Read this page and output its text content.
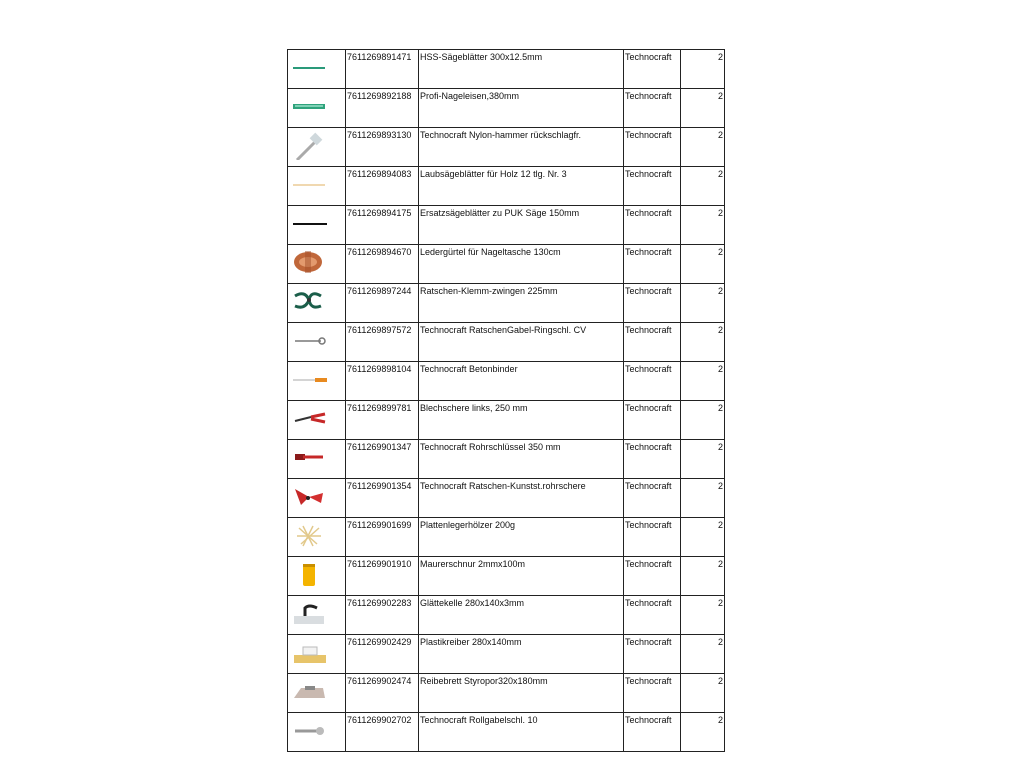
	7611269891471	HSS-Sägeblätter 300x12.5mm	Technocraft	2

	7611269892188	Profi-Nageleisen,380mm	Technocraft	2

	7611269893130	Technocraft Nylon-hammer rückschlagfr.	Technocraft	2

	7611269894083	Laubsägeblätter für Holz 12 tlg. Nr. 3	Technocraft	2

	7611269894175	Ersatzsägeblätter zu PUK Säge 150mm	Technocraft	2

	7611269894670	Ledergürtel für Nageltasche 130cm	Technocraft	2

	7611269897244	Ratschen-Klemm-zwingen 225mm	Technocraft	2

	7611269897572	Technocraft RatschenGabel-Ringschl. CV	Technocraft	2

	7611269898104	Technocraft Betonbinder	Technocraft	2

	7611269899781	Blechschere links, 250 mm	Technocraft	2

	7611269901347	Technocraft Rohrschlüssel 350 mm	Technocraft	2

	7611269901354	Technocraft Ratschen-Kunstst.rohrschere	Technocraft	2

	7611269901699	Plattenlegerhölzer 200g	Technocraft	2

	7611269901910	Maurerschnur 2mmx100m	Technocraft	2

	7611269902283	Glättekelle 280x140x3mm	Technocraft	2

	7611269902429	Plastikreiber 280x140mm	Technocraft	2

	7611269902474	Reibebrett Styropor320x180mm	Technocraft	2

	7611269902702	Technocraft Rollgabelschl. 10	Technocraft	2
